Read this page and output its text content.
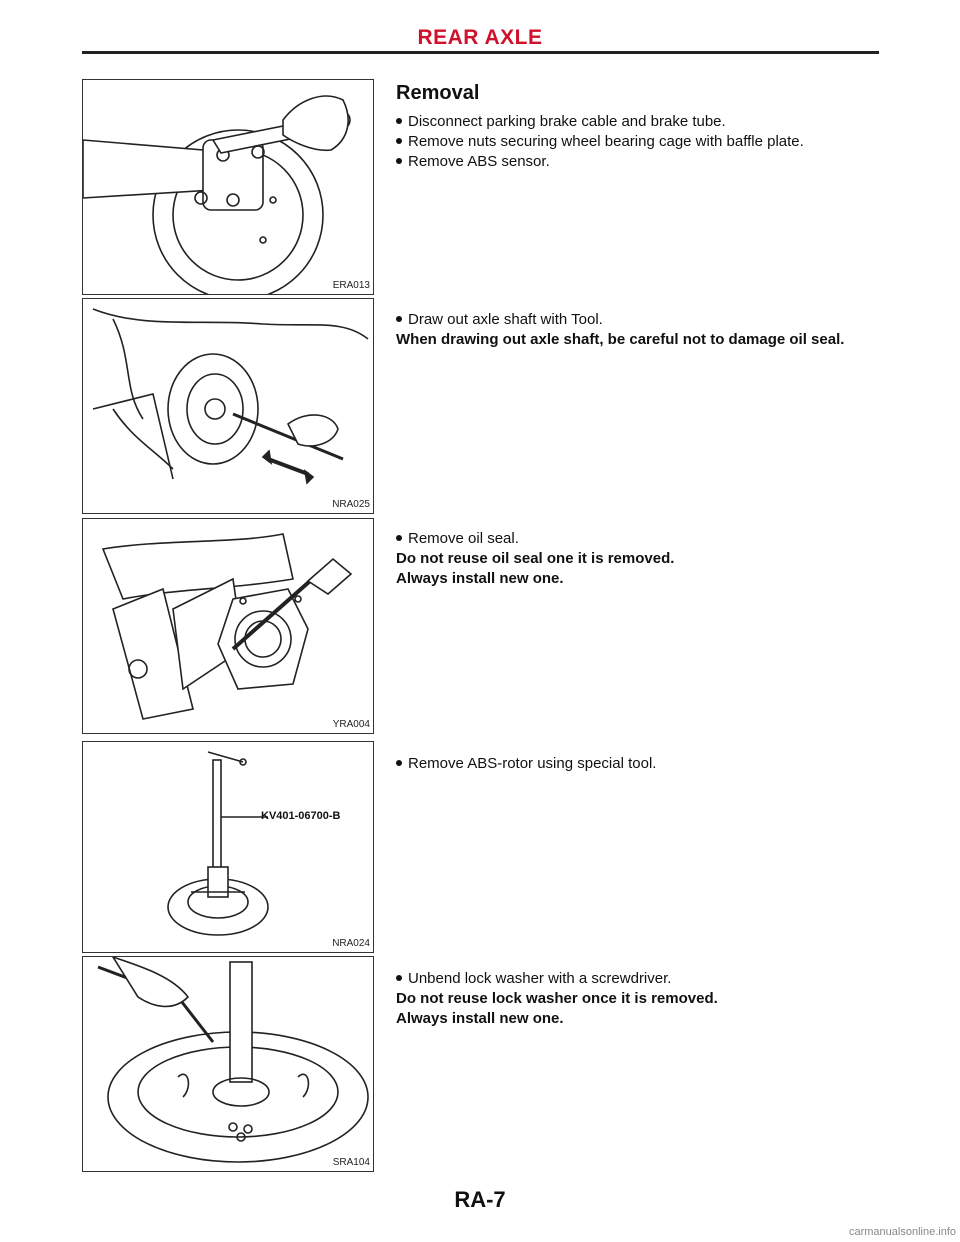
REAR AXLE
ERA013
NRA025
YRA004
KV401-06700-B
NRA024
SRA104
Removal

Disconnect parking brake cable and brake tube.

Remove nuts securing wheel bearing cage with baffle plate.

Remove ABS sensor.

Draw out axle shaft with Tool.

When drawing out axle shaft, be careful not to damage oil seal.

Remove oil seal.

Do not reuse oil seal one it is removed.

Always install new one.

Remove ABS-rotor using special tool.

Unbend lock washer with a screwdriver.

Do not reuse lock washer once it is removed.

Always install new one.

RA-7
carmanualsonline.info
